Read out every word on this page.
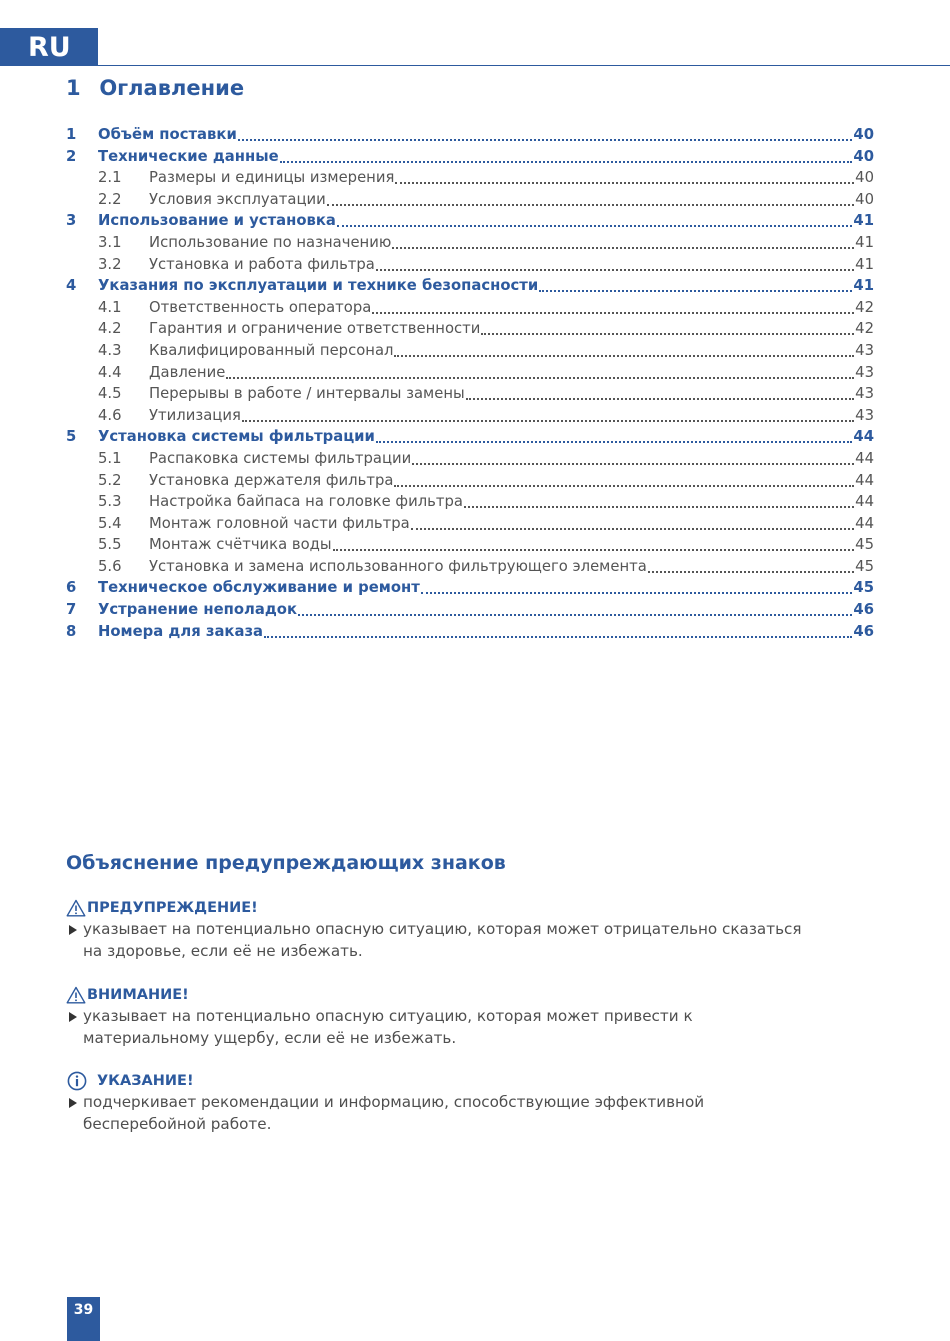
RU
1 Оглавление
1 Объём поставки	40
2 Технические данные	40
2.1 Размеры и единицы измерения	40
2.2 Условия эксплуатации	40
3 Использование и установка	41
3.1 Использование по назначению	41
3.2 Установка и работа фильтра	41
4 Указания по эксплуатации и технике безопасности	41
4.1 Ответственность оператора	42
4.2 Гарантия и ограничение ответственности	42
4.3 Квалифицированный персонал	43
4.4 Давление	43
4.5 Перерывы в работе / интервалы замены	43
4.6 Утилизация	43
5 Установка системы фильтрации	44
5.1 Распаковка системы фильтрации	44
5.2 Установка держателя фильтра	44
5.3 Настройка байпаса на головке фильтра	44
5.4 Монтаж головной части фильтра	44
5.5 Монтаж счётчика воды	45
5.6 Установка и замена использованного фильтрующего элемента	45
6 Техническое обслуживание и ремонт	45
7 Устранение неполадок	46
8 Номера для заказа	46
Объяснение предупреждающих знаков
ПРЕДУПРЕЖДЕНИЕ!
указывает на потенциально опасную ситуацию, которая может отрицательно сказаться
на здоровье, если её не избежать.
ВНИМАНИЕ!
указывает на потенциально опасную ситуацию, которая может привести к
материальному ущербу, если её не избежать.
УКАЗАНИЕ!
подчеркивает рекомендации и информацию, способствующие эффективной
бесперебойной работе.
39
